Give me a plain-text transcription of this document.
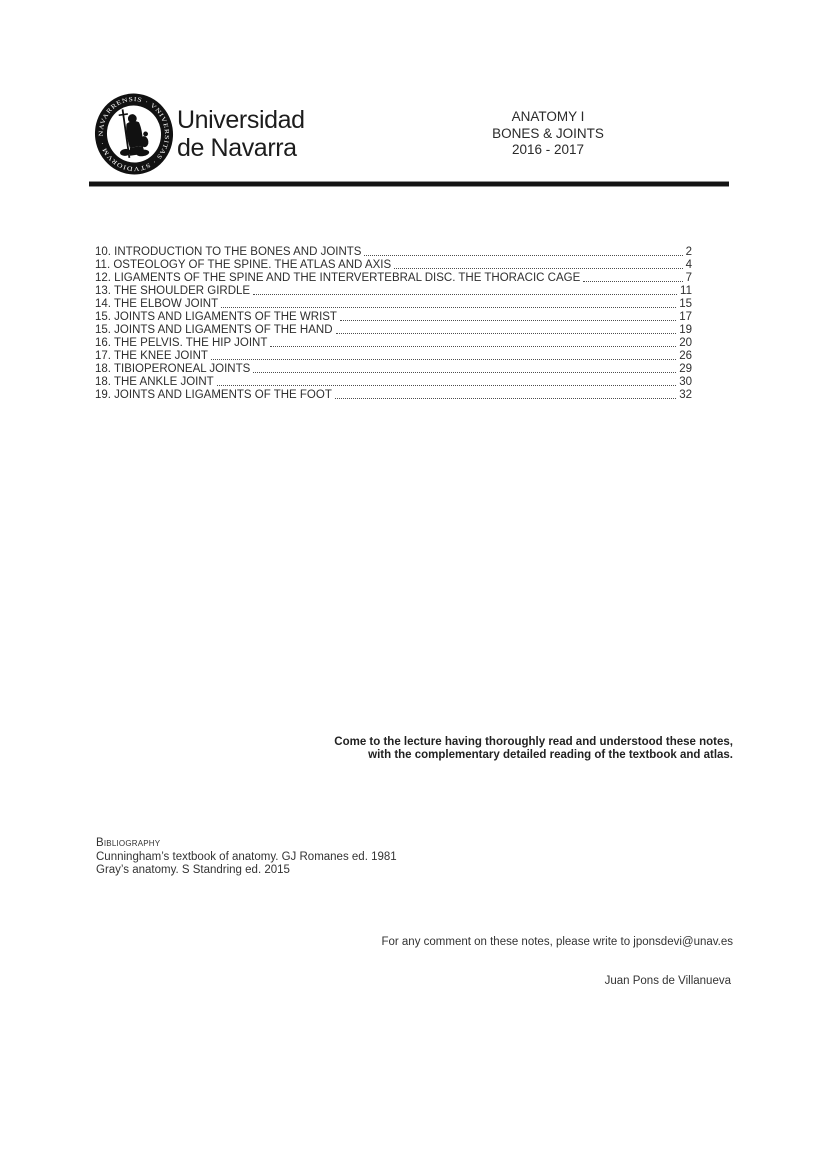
NAVARRENSIS · VNIVERSITAS · STVDIORVM ·
Universidad
de Navarra
ANATOMY I
BONES & JOINTS
2016 - 2017
10. INTRODUCTION TO THE BONES AND JOINTS	2
11. OSTEOLOGY OF THE SPINE. THE ATLAS AND AXIS	4
12. LIGAMENTS OF THE SPINE AND THE INTERVERTEBRAL DISC. THE THORACIC CAGE	7
13. THE SHOULDER GIRDLE	11
14. THE ELBOW JOINT	15
15. JOINTS AND LIGAMENTS OF THE WRIST	17
15. JOINTS AND LIGAMENTS OF THE HAND	19
16. THE PELVIS. THE HIP JOINT	20
17. THE KNEE JOINT	26
18. TIBIOPERONEAL JOINTS	29
18. THE ANKLE JOINT	30
19. JOINTS AND LIGAMENTS OF THE FOOT	32
Come to the lecture having thoroughly read and understood these notes,
with the complementary detailed reading of the textbook and atlas.
Bibliography
Cunningham’s textbook of anatomy. GJ Romanes ed. 1981
Gray’s anatomy. S Standring ed. 2015
For any comment on these notes, please write to jponsdevi@unav.es
Juan Pons de Villanueva
